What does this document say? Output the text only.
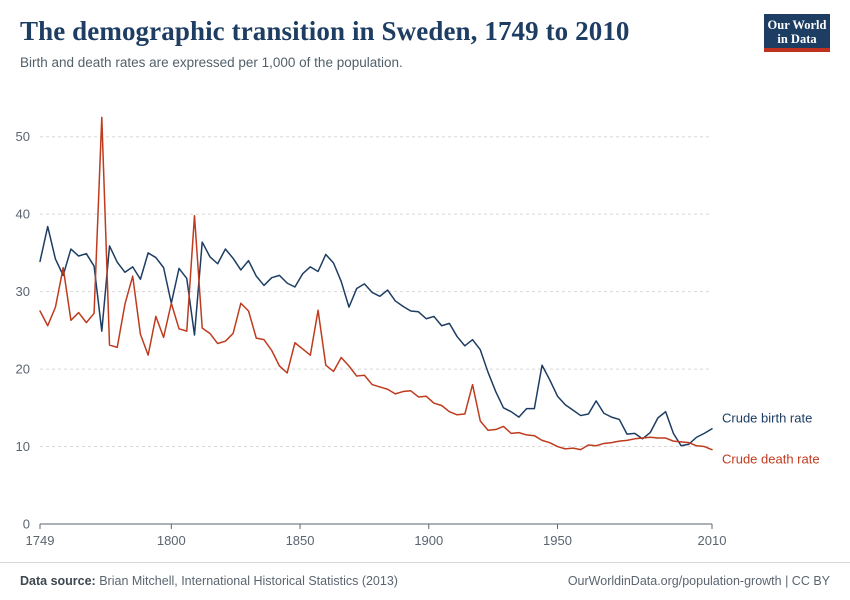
The demographic transition in Sweden, 1749 to 2010
Birth and death rates are expressed per 1,000 of the population.
Our World
in Data
0
10
20
30
40
50
1749	1800	1850	1900	1950	2010
Crude birth rate
Crude death rate
Data source: Brian Mitchell, International Historical Statistics (2013)	OurWorldinData.org/population-growth | CC BY
